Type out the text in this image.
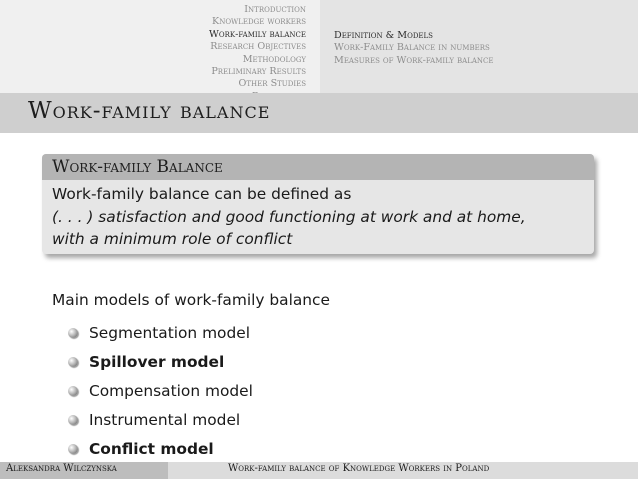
Introduction
Knowledge workers
Work-family balance
Research Objectives
Methodology
Preliminary Results
Other Studies
Definition & Models
Work-Family Balance in numbers
Measures of Work-family balance
Work-family balance
Work-family Balance
Work-family balance can be defined as
(. . . ) satisfaction and good functioning at work and at home,
with a minimum role of conflict
Main models of work-family balance
Segmentation model
Spillover model
Compensation model
Instrumental model
Conflict model
Aleksandra Wilczynska	Work-family balance of Knowledge Workers in Poland
